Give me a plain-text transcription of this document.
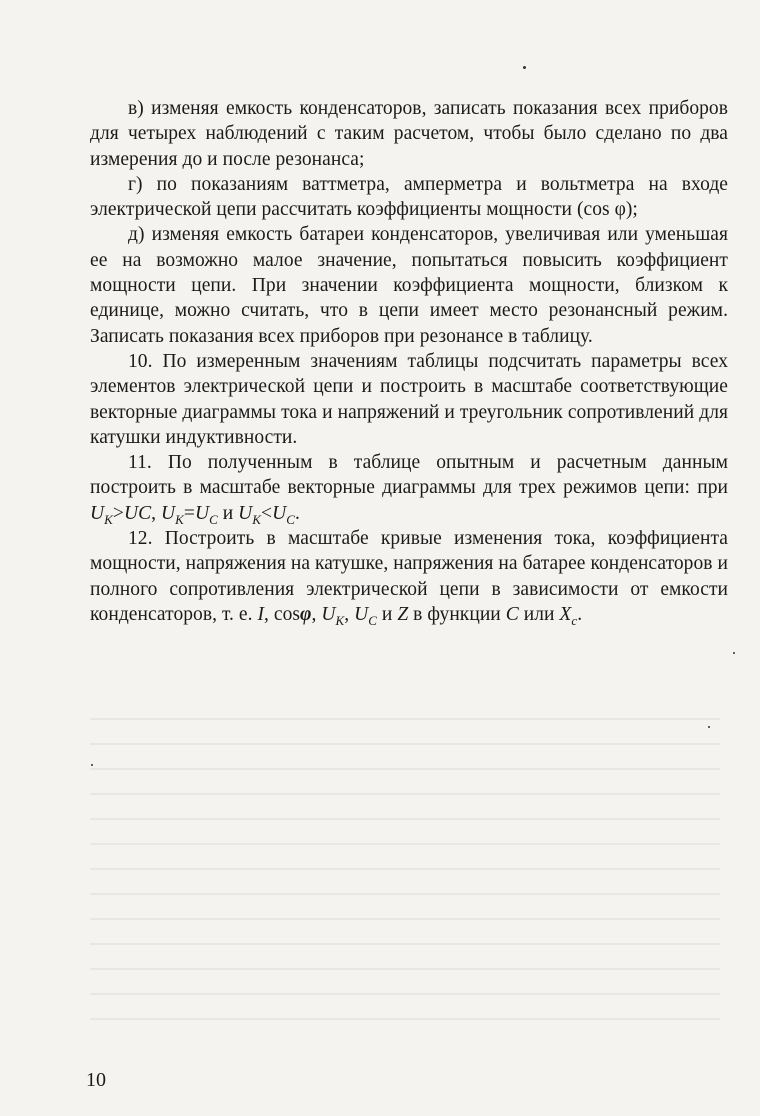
в) изменяя емкость конденсаторов, записать показания всех приборов для четырех наблюдений с таким расчетом, чтобы было сделано по два измерения до и после резонанса;

г) по показаниям ваттметра, амперметра и вольтметра на входе электрической цепи рассчитать коэффициенты мощности (cos φ);

д) изменяя емкость батареи конденсаторов, увеличивая или уменьшая ее на возможно малое значение, попытаться повысить коэффициент мощности цепи. При значении коэффициента мощности, близком к единице, можно считать, что в цепи имеет место резонансный режим. Записать показания всех приборов при резонансе в таблицу.

10. По измеренным значениям таблицы подсчитать параметры всех элементов электрической цепи и построить в масштабе соответствующие векторные диаграммы тока и напряжений и треугольник сопротивлений для катушки индуктивности.

11. По полученным в таблице опытным и расчетным данным построить в масштабе векторные диаграммы для трех режимов цепи: при $U_K>UC$, $U_K=U_C$ и $U_K<U_C$.

12. Построить в масштабе кривые изменения тока, коэффициента мощности, напряжения на катушке, напряжения на батарее конденсаторов и полного сопротивления электрической цепи в зависимости от емкости конденсаторов, т. е. I, cosφ, $U_K$, $U_C$ и Z в функции C или $X_c$.

10
